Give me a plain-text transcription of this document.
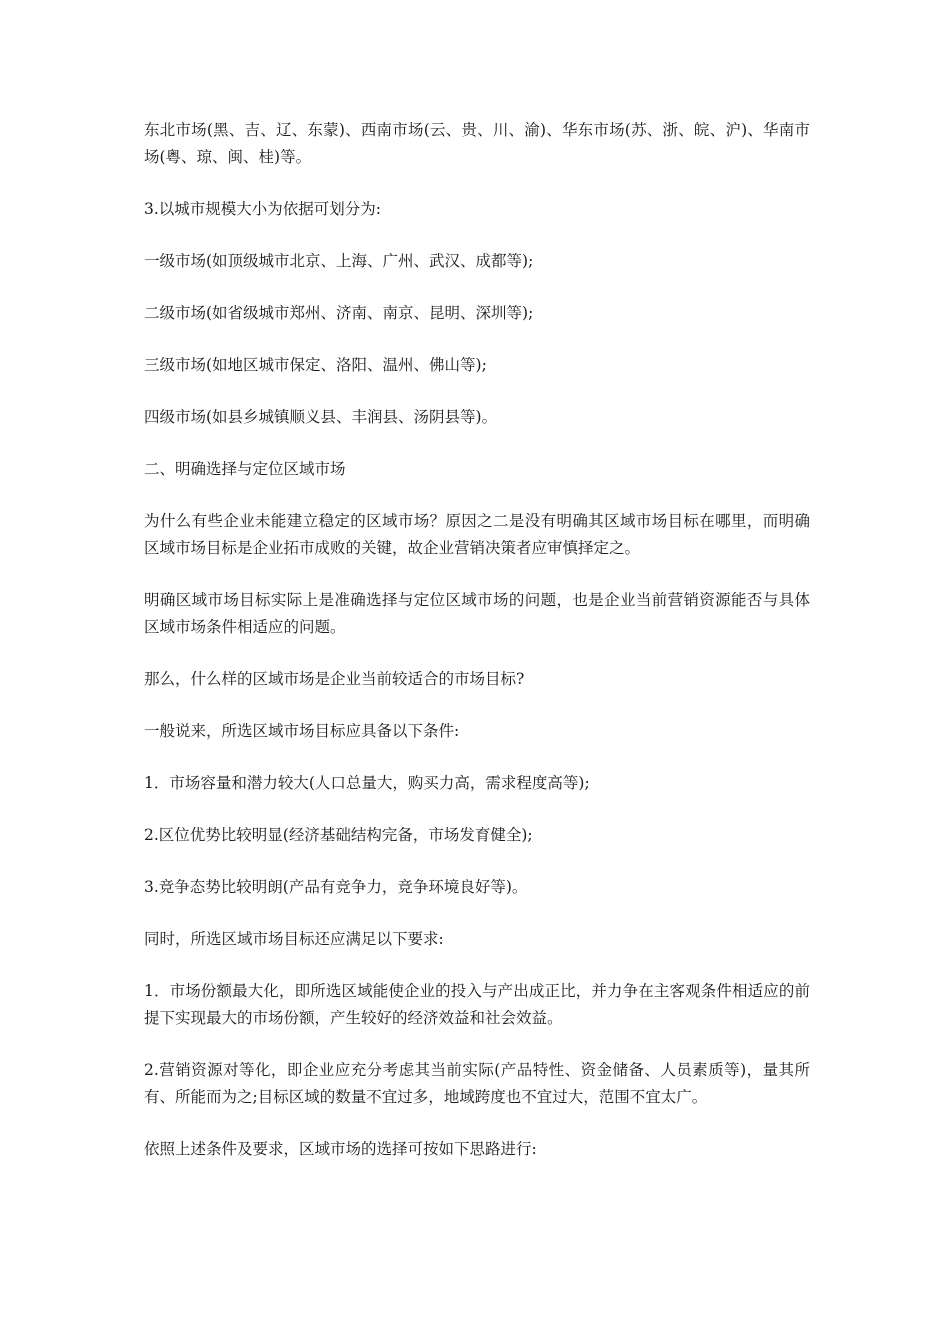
东北市场(黑、吉、辽、东蒙)、西南市场(云、贵、川、渝)、华东市场(苏、浙、皖、沪)、华南市场(粤、琼、闽、桂)等。

3.以城市规模大小为依据可划分为:

一级市场(如顶级城市北京、上海、广州、武汉、成都等);

二级市场(如省级城市郑州、济南、南京、昆明、深圳等);

三级市场(如地区城市保定、洛阳、温州、佛山等);

四级市场(如县乡城镇顺义县、丰润县、汤阴县等)。

二、明确选择与定位区域市场

为什么有些企业未能建立稳定的区域市场？原因之二是没有明确其区域市场目标在哪里，而明确区域市场目标是企业拓市成败的关键，故企业营销决策者应审慎择定之。

明确区域市场目标实际上是准确选择与定位区域市场的问题，也是企业当前营销资源能否与具体区域市场条件相适应的问题。

那么，什么样的区域市场是企业当前较适合的市场目标?

一般说来，所选区域市场目标应具备以下条件:

1．市场容量和潜力较大(人口总量大，购买力高，需求程度高等);

2.区位优势比较明显(经济基础结构完备，市场发育健全);

3.竞争态势比较明朗(产品有竞争力，竞争环境良好等)。

同时，所选区域市场目标还应满足以下要求:

1．市场份额最大化，即所选区域能使企业的投入与产出成正比，并力争在主客观条件相适应的前提下实现最大的市场份额，产生较好的经济效益和社会效益。

2.营销资源对等化，即企业应充分考虑其当前实际(产品特性、资金储备、人员素质等)，量其所有、所能而为之;目标区域的数量不宜过多，地域跨度也不宜过大，范围不宜太广。

依照上述条件及要求，区域市场的选择可按如下思路进行:
